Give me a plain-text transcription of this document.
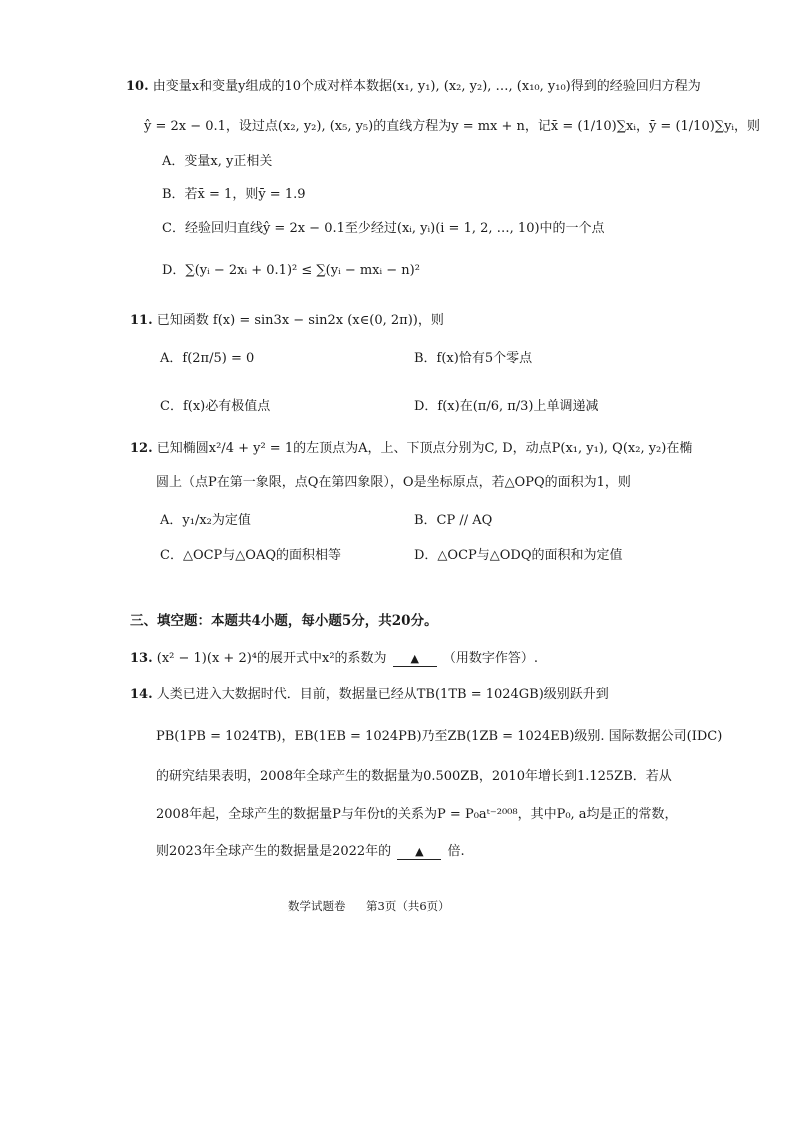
10. 由变量x和变量y组成的10个成对样本数据(x₁, y₁), (x₂, y₂), …, (x₁₀, y₁₀)得到的经验回归方程为
ŷ = 2x − 0.1，设过点(x₂, y₂), (x₅, y₅)的直线方程为y = mx + n，记x̄ = (1/10)∑xᵢ，ȳ = (1/10)∑yᵢ，则
A．变量x, y正相关
B．若x̄ = 1，则ȳ = 1.9
C．经验回归直线ŷ = 2x − 0.1至少经过(xᵢ, yᵢ)(i = 1, 2, …, 10)中的一个点
D．∑(yᵢ − 2xᵢ + 0.1)² ≤ ∑(yᵢ − mxᵢ − n)²
11. 已知函数 f(x) = sin3x − sin2x (x∈(0, 2π))，则
A．f(2π/5) = 0	B．f(x)恰有5个零点
C．f(x)必有极值点	D．f(x)在(π/6, π/3)上单调递减
12. 已知椭圆x²/4 + y² = 1的左顶点为A，上、下顶点分别为C, D，动点P(x₁, y₁), Q(x₂, y₂)在椭
圆上（点P在第一象限，点Q在第四象限），O是坐标原点，若△OPQ的面积为1，则
A．y₁/x₂为定值	B．CP // AQ
C．△OCP与△OAQ的面积相等	D．△OCP与△ODQ的面积和为定值
三、填空题：本题共4小题，每小题5分，共20分。
13. (x² − 1)(x + 2)⁴的展开式中x²的系数为 ▲ （用数字作答）.
14. 人类已进入大数据时代．目前，数据量已经从TB(1TB = 1024GB)级别跃升到
PB(1PB = 1024TB)，EB(1EB = 1024PB)乃至ZB(1ZB = 1024EB)级别. 国际数据公司(IDC)
的研究结果表明，2008年全球产生的数据量为0.500ZB，2010年增长到1.125ZB．若从
2008年起，全球产生的数据量P与年份t的关系为P = P₀aᵗ⁻²⁰⁰⁸，其中P₀, a均是正的常数，
则2023年全球产生的数据量是2022年的 ▲ 倍.
数学试题卷 第3页（共6页）
